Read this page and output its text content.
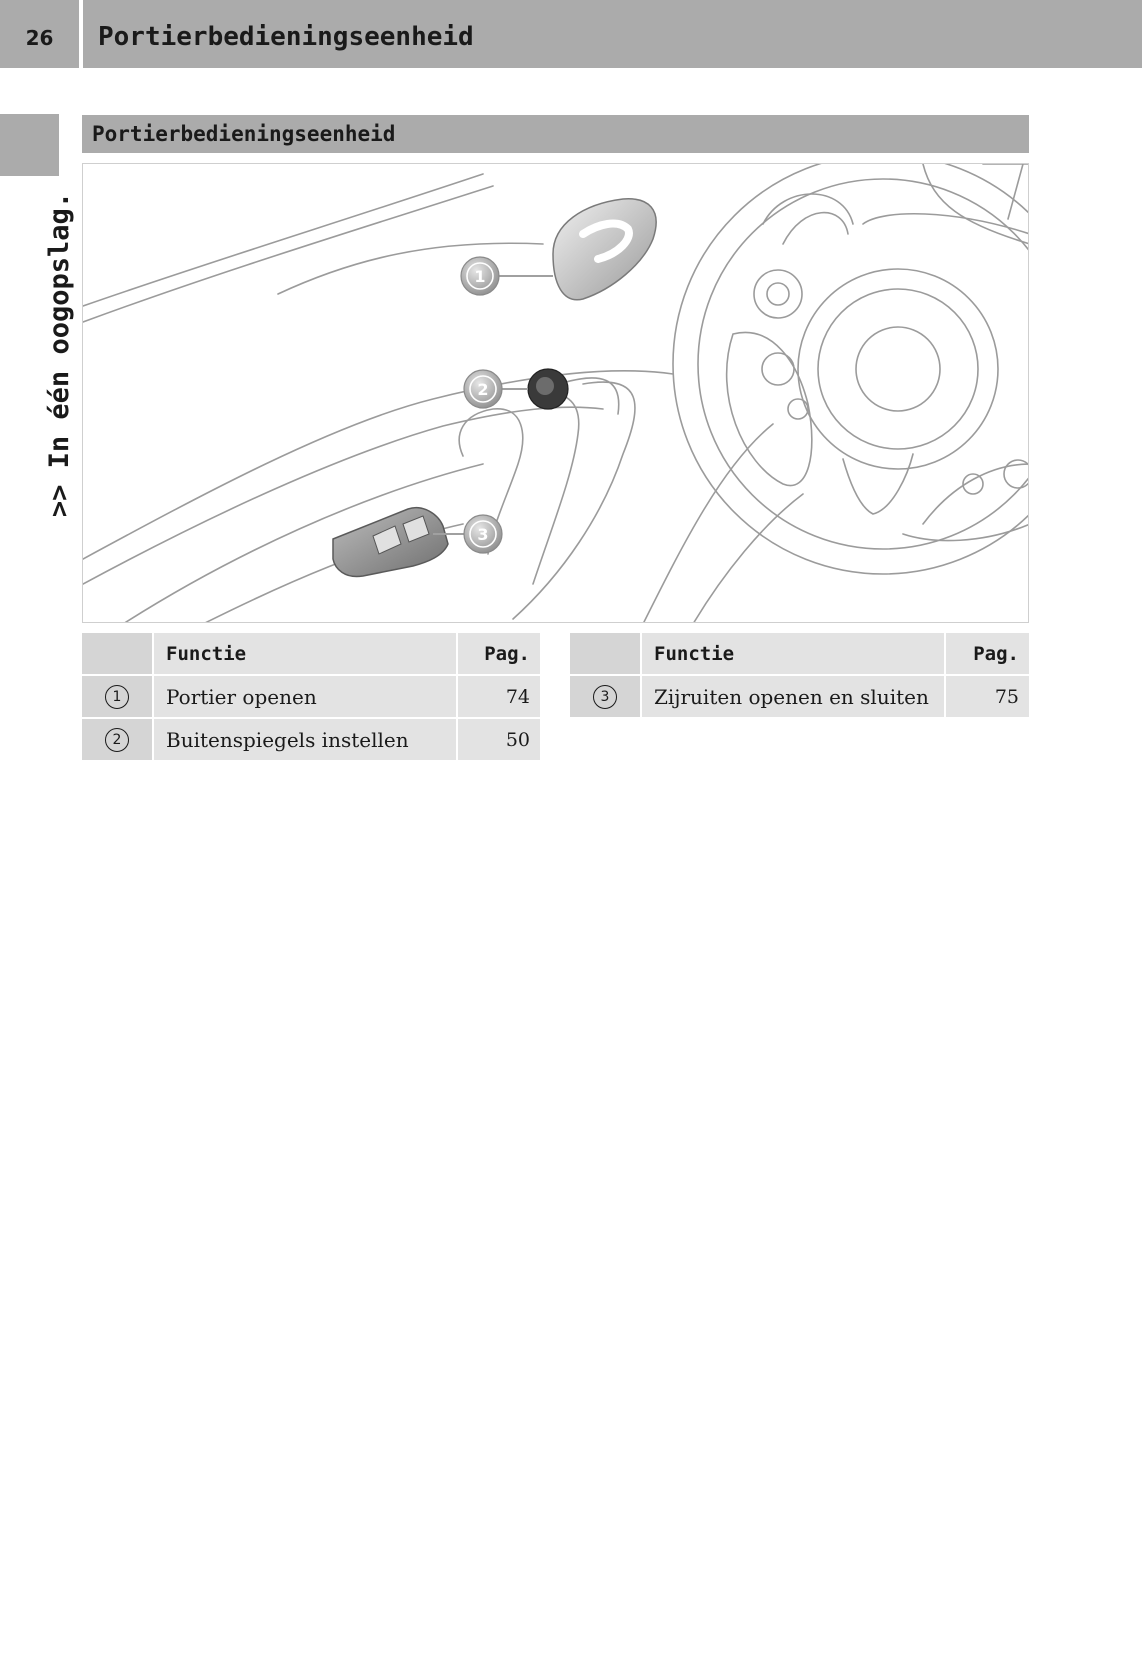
26	Portierbedieningseenheid
>> In één oogopslag.
Portierbedieningseenheid
1
2
3
Functie	Pag.
1	Portier openen	74
2	Buitenspiegels instellen	50
Functie	Pag.
3	Zijruiten openen en sluiten	75
